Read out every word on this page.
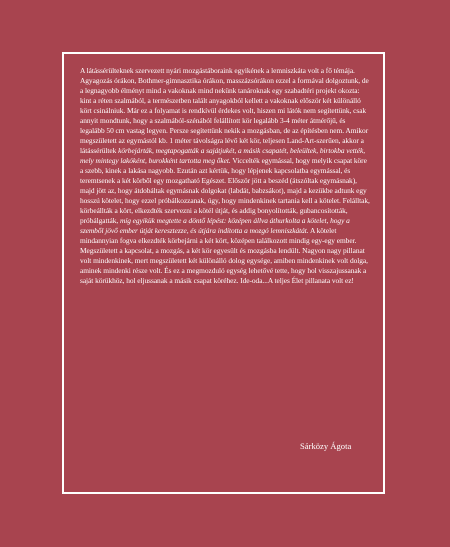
A látássérülteknek szervezett nyári mozgástáboraink egyikének a lemniszkáta volt a fő témája. Agyagozás órákon, Bothmer-gimnasztika órákon, masszázsórákon ezzel a formával dolgoztunk, de a legnagyobb élményt mind a vakoknak mind nekünk tanároknak egy szabadtéri projekt okozta: kint a réten szalmából, a természetben talált anyagokból kellett a vakoknak először két különálló kört csinálniuk. Már ez a folyamat is rendkívül érdekes volt, hiszen mi látók nem segítettünk, csak annyit mondtunk, hogy a szalmából-szénából felállított kör legalább 3-4 méter átmérőjű, és legalább 50 cm vastag legyen. Persze segítettünk nekik a mozgásban, de az építésben nem. Amikor megszületett az egymástól kb. 1 méter távolságra lévő két kör, teljesen Land-Art-szerűen, akkor a látássérültek körbejárták, megtapogatták a sajátjukét, a másik csapatét, beleültek, birtokba vették, mely mintegy lakóként, burokként tartotta meg őket. Viccelték egymással, hogy melyik csapat köre a szebb, kinek a lakása nagyobb. Ezután azt kértük, hogy lépjenek kapcsolatba egymással, és teremtsenek a két körből egy mozgatható Egészet. Először jött a beszéd (átszóltak egymásnak), majd jött az, hogy átdobáltak egymásnak dolgokat (labdát, babzsákot), majd a kezükbe adtunk egy hosszú kötelet, hogy ezzel próbálkozzanak, úgy, hogy mindenkinek tartania kell a kötelet. Felálltak, körbeállták a kört, elkezdték szervezni a kötél útját, és addig bonyolították, gubancosították, próbálgatták, míg egyikük megtette a döntő lépést: középen állva áthurkolta a kötelet, hogy a szemből jövő ember útját keresztezze, és útjára indította a mozgó lemniszkátát. A kötelet mindannyian fogva elkezdték körbejárni a két kört, középen találkozott mindig egy-egy ember. Megszületett a kapcsolat, a mozgás, a két kör egyesült és mozgásba lendült. Nagyon nagy pillanat volt mindenkinek, mert megszületett két különálló dolog egysége, amiben mindenkinek volt dolga, aminek mindenki része volt. És ez a megmozduló egység lehetővé tette, hogy hol visszajussanak a saját körükhöz, hol eljussanak a másik csapat köréhez. Ide-oda...A teljes Élet pillanata volt ez!
Sárközy Ágota
